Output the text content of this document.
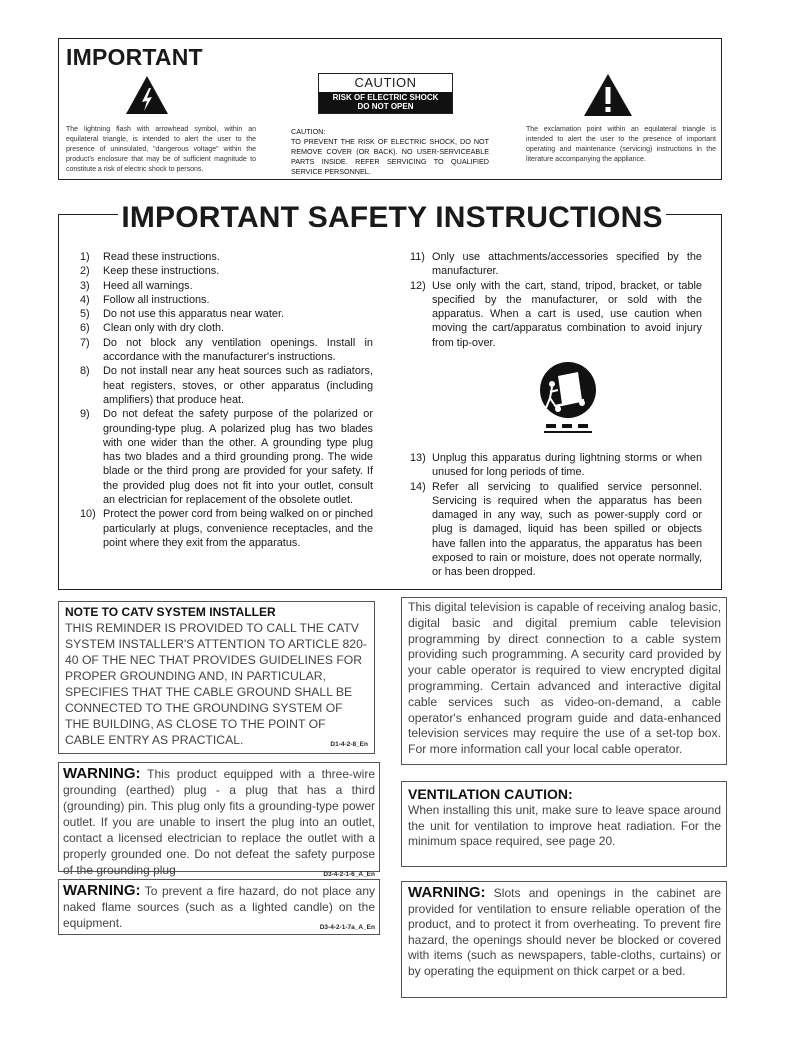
IMPORTANT
CAUTION
RISK OF ELECTRIC SHOCK
DO NOT OPEN
The lightning flash with arrowhead symbol, within an equilateral triangle, is intended to alert the user to the presence of uninsulated, "dangerous voltage" within the product's enclosure that may be of sufficient magnitude to constitute a risk of electric shock to persons.
CAUTION:
TO PREVENT THE RISK OF ELECTRIC SHOCK, DO NOT REMOVE COVER (OR BACK). NO USER-SERVICEABLE PARTS INSIDE. REFER SERVICING TO QUALIFIED SERVICE PERSONNEL.
The exclamation point within an equilateral triangle is intended to alert the user to the presence of important operating and maintenance (servicing) instructions in the literature accompanying the appliance.
IMPORTANT SAFETY INSTRUCTIONS
1) Read these instructions.
2) Keep these instructions.
3) Heed all warnings.
4) Follow all instructions.
5) Do not use this apparatus near water.
6) Clean only with dry cloth.
7) Do not block any ventilation openings. Install in accordance with the manufacturer's instructions.
8) Do not install near any heat sources such as radiators, heat registers, stoves, or other apparatus (including amplifiers) that produce heat.
9) Do not defeat the safety purpose of the polarized or grounding-type plug. A polarized plug has two blades with one wider than the other. A grounding type plug has two blades and a third grounding prong. The wide blade or the third prong are provided for your safety. If the provided plug does not fit into your outlet, consult an electrician for replacement of the obsolete outlet.
10) Protect the power cord from being walked on or pinched particularly at plugs, convenience receptacles, and the point where they exit from the apparatus.
11) Only use attachments/accessories specified by the manufacturer.
12) Use only with the cart, stand, tripod, bracket, or table specified by the manufacturer, or sold with the apparatus. When a cart is used, use caution when moving the cart/apparatus combination to avoid injury from tip-over.
13) Unplug this apparatus during lightning storms or when unused for long periods of time.
14) Refer all servicing to qualified service personnel. Servicing is required when the apparatus has been damaged in any way, such as power-supply cord or plug is damaged, liquid has been spilled or objects have fallen into the apparatus, the apparatus has been exposed to rain or moisture, does not operate normally, or has been dropped.
NOTE TO CATV SYSTEM INSTALLER
THIS REMINDER IS PROVIDED TO CALL THE CATV SYSTEM INSTALLER'S ATTENTION TO ARTICLE 820-40 OF THE NEC THAT PROVIDES GUIDELINES FOR PROPER GROUNDING AND, IN PARTICULAR, SPECIFIES THAT THE CABLE GROUND SHALL BE CONNECTED TO THE GROUNDING SYSTEM OF THE BUILDING, AS CLOSE TO THE POINT OF CABLE ENTRY AS PRACTICAL.	D1-4-2-8_En
This digital television is capable of receiving analog basic, digital basic and digital premium cable television programming by direct connection to a cable system providing such programming. A security card provided by your cable operator is required to view encrypted digital programming. Certain advanced and interactive digital cable services such as video-on-demand, a cable operator's enhanced program guide and data-enhanced television services may require the use of a set-top box. For more information call your local cable operator.
WARNING: This product equipped with a three-wire grounding (earthed) plug - a plug that has a third (grounding) pin. This plug only fits a grounding-type power outlet. If you are unable to insert the plug into an outlet, contact a licensed electrician to replace the outlet with a properly grounded one. Do not defeat the safety purpose of the grounding plug	D3-4-2-1-6_A_En
VENTILATION CAUTION:
When installing this unit, make sure to leave space around the unit for ventilation to improve heat radiation. For the minimum space required, see page 20.
WARNING: To prevent a fire hazard, do not place any naked flame sources (such as a lighted candle) on the equipment.	D3-4-2-1-7a_A_En
WARNING: Slots and openings in the cabinet are provided for ventilation to ensure reliable operation of the product, and to protect it from overheating. To prevent fire hazard, the openings should never be blocked or covered with items (such as newspapers, table-cloths, curtains) or by operating the equipment on thick carpet or a bed.
